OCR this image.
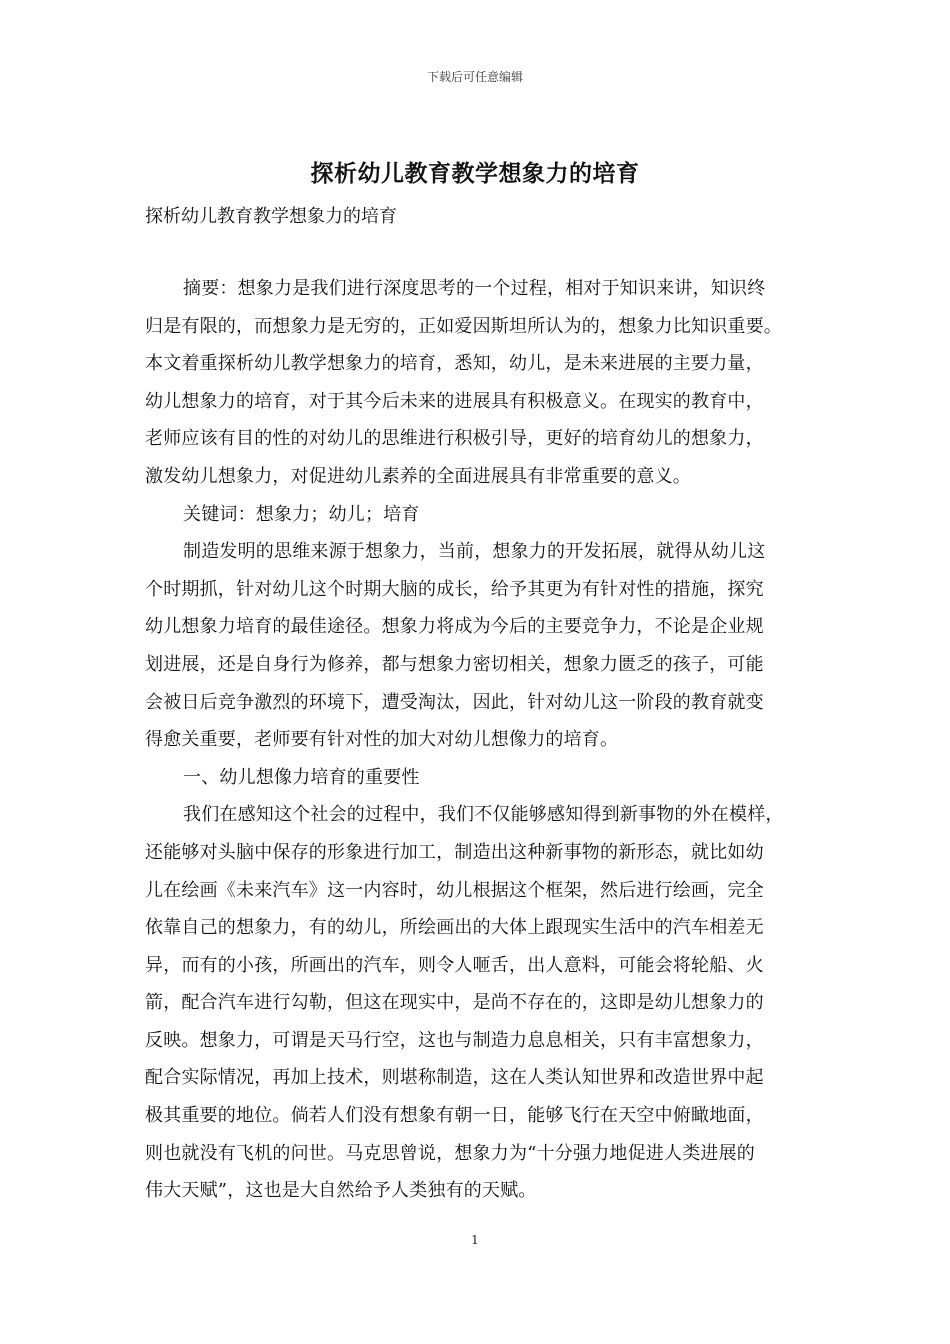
下载后可任意编辑
探析幼儿教育教学想象力的培育
探析幼儿教育教学想象力的培育
摘要：想象力是我们进行深度思考的一个过程，相对于知识来讲，知识终
归是有限的，而想象力是无穷的，正如爱因斯坦所认为的，想象力比知识重要。
本文着重探析幼儿教学想象力的培育，悉知，幼儿，是未来进展的主要力量，
幼儿想象力的培育，对于其今后未来的进展具有积极意义。在现实的教育中，
老师应该有目的性的对幼儿的思维进行积极引导，更好的培育幼儿的想象力，
激发幼儿想象力，对促进幼儿素养的全面进展具有非常重要的意义。
关键词：想象力；幼儿；培育
制造发明的思维来源于想象力，当前，想象力的开发拓展，就得从幼儿这
个时期抓，针对幼儿这个时期大脑的成长，给予其更为有针对性的措施，探究
幼儿想象力培育的最佳途径。想象力将成为今后的主要竞争力，不论是企业规
划进展，还是自身行为修养，都与想象力密切相关，想象力匮乏的孩子，可能
会被日后竞争激烈的环境下，遭受淘汰，因此，针对幼儿这一阶段的教育就变
得愈关重要，老师要有针对性的加大对幼儿想像力的培育。
一、幼儿想像力培育的重要性
我们在感知这个社会的过程中，我们不仅能够感知得到新事物的外在模样，
还能够对头脑中保存的形象进行加工，制造出这种新事物的新形态，就比如幼
儿在绘画《未来汽车》这一内容时，幼儿根据这个框架，然后进行绘画，完全
依靠自己的想象力，有的幼儿，所绘画出的大体上跟现实生活中的汽车相差无
异，而有的小孩，所画出的汽车，则令人咂舌，出人意料，可能会将轮船、火
箭，配合汽车进行勾勒，但这在现实中，是尚不存在的，这即是幼儿想象力的
反映。想象力，可谓是天马行空，这也与制造力息息相关，只有丰富想象力，
配合实际情况，再加上技术，则堪称制造，这在人类认知世界和改造世界中起
极其重要的地位。倘若人们没有想象有朝一日，能够飞行在天空中俯瞰地面，
则也就没有飞机的问世。马克思曾说，想象力为“十分强力地促进人类进展的
伟大天赋”，这也是大自然给予人类独有的天赋。
1
